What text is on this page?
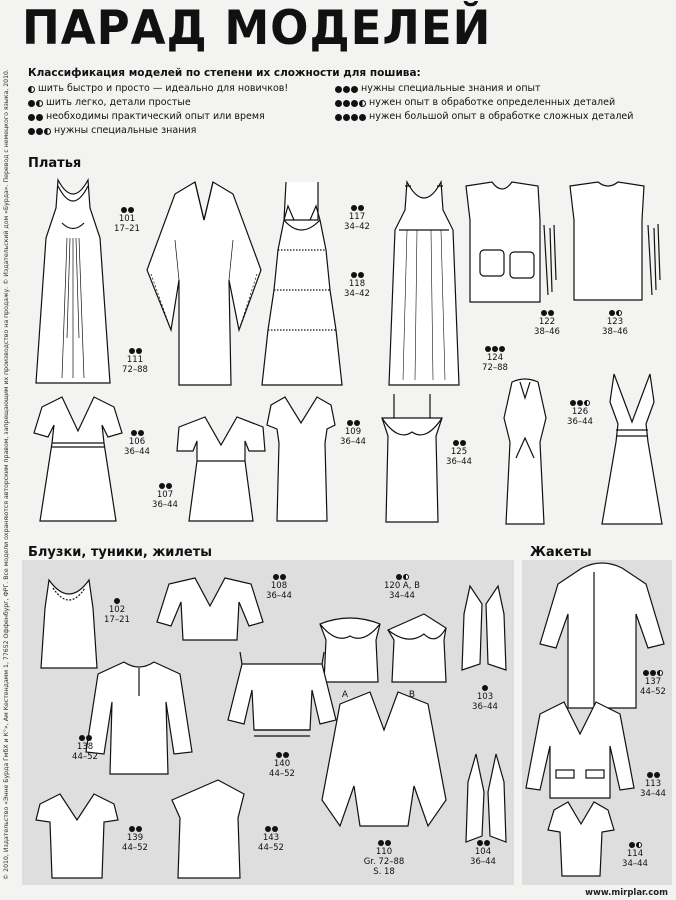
ПАРАД МОДЕЛЕЙ
Классификация моделей по степени их сложности для пошива:
шить быстро и просто — идеально для новичков!
шить легко, детали простые
необходимы практический опыт или время
нужны специальные знания
нужны специальные знания и опыт
нужен опыт в обработке определенных деталей
нужен большой опыт в обработке сложных деталей
© 2010, Издательство «Энне Бурда ГмбХ и К°», Ам Кестендамм 1, 77652 Оффенбург, ФРГ. Все модели охраняются авторским правом, запрещающим их производство на продажу. © Издательский дом «Бурда». Перевод с немецкого языка, 2010. Платья
Блузки, туники, жилеты	Жакеты
101
17–21
111
72–88
117
34–42
118
34–42
124
72–88
122
38–46
123
38–46
106
36–44
107
36–44
109
36–44
125
36–44
126
36–44
102
17–21
108
36–44
A	B
120 A, B
34–44
103
36–44
138
44–52
140
44–52
139
44–52
143
44–52	110
Gr. 72–88
S. 18
104
36–44
137
44–52
113
34–44
114
34–44
www.mirplar.com
